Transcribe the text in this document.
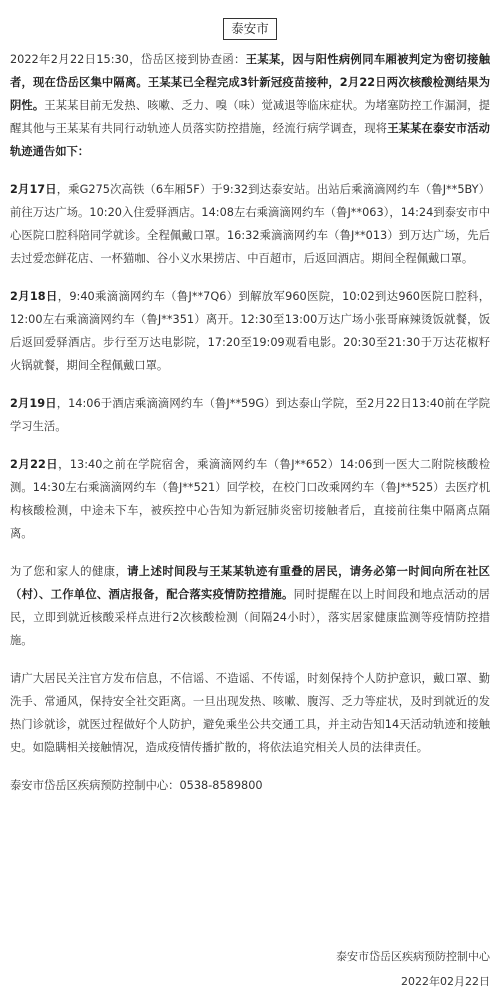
泰安市

2022年2月22日15:30，岱岳区接到协查函：王某某，因与阳性病例同车厢被判定为密切接触者，现在岱岳区集中隔离。王某某已全程完成3针新冠疫苗接种，2月22日两次核酸检测结果为阴性。王某某目前无发热、咳嗽、乏力、嗅（味）觉减退等临床症状。为堵塞防控工作漏洞，提醒其他与王某某有共同行动轨迹人员落实防控措施，经流行病学调查，现将王某某在泰安市活动轨迹通告如下：

2月17日，乘G275次高铁（6车厢5F）于9:32到达泰安站。出站后乘滴滴网约车（鲁J**5BY）前往万达广场。10:20入住爱驿酒店。14:08左右乘滴滴网约车（鲁J**063），14:24到泰安市中心医院口腔科陪同学就诊。全程佩戴口罩。16:32乘滴滴网约车（鲁J**013）到万达广场，先后去过爱恋鲜花店、一杯猫咖、谷小义水果捞店、中百超市，后返回酒店。期间全程佩戴口罩。

2月18日，9:40乘滴滴网约车（鲁J**7Q6）到解放军960医院，10:02到达960医院口腔科，12:00左右乘滴滴网约车（鲁J**351）离开。12:30至13:00万达广场小张哥麻辣烫饭就餐，饭后返回爱驿酒店。步行至万达电影院，17:20至19:09观看电影。20:30至21:30于万达花椒籽火锅就餐，期间全程佩戴口罩。

2月19日，14:06于酒店乘滴滴网约车（鲁J**59G）到达泰山学院，至2月22日13:40前在学院学习生活。

2月22日，13:40之前在学院宿舍，乘滴滴网约车（鲁J**652）14:06到一医大二附院核酸检测。14:30左右乘滴滴网约车（鲁J**521）回学校，在校门口改乘网约车（鲁J**525）去医疗机构核酸检测，中途未下车，被疾控中心告知为新冠肺炎密切接触者后，直接前往集中隔离点隔离。

为了您和家人的健康，请上述时间段与王某某轨迹有重叠的居民，请务必第一时间向所在社区（村）、工作单位、酒店报备，配合落实疫情防控措施。同时提醒在以上时间段和地点活动的居民，立即到就近核酸采样点进行2次核酸检测（间隔24小时），落实居家健康监测等疫情防控措施。

请广大居民关注官方发布信息，不信谣、不造谣、不传谣，时刻保持个人防护意识，戴口罩、勤洗手、常通风，保持安全社交距离。一旦出现发热、咳嗽、腹泻、乏力等症状，及时到就近的发热门诊就诊，就医过程做好个人防护，避免乘坐公共交通工具，并主动告知14天活动轨迹和接触史。如隐瞒相关接触情况，造成疫情传播扩散的，将依法追究相关人员的法律责任。

泰安市岱岳区疾病预防控制中心：0538-8589800

泰安市岱岳区疾病预防控制中心
2022年02月22日
